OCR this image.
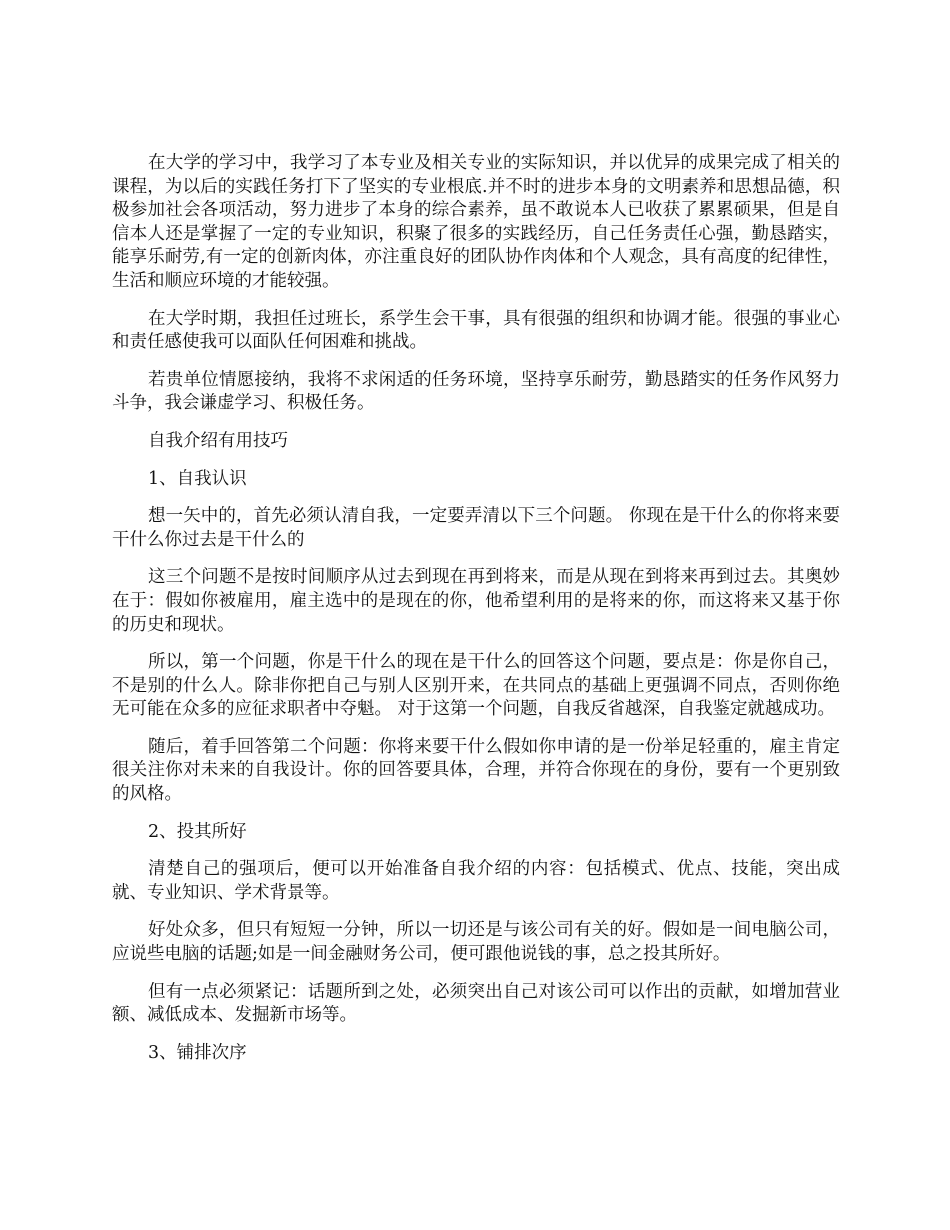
在大学的学习中，我学习了本专业及相关专业的实际知识，并以优异的成果完成了相关的课程，为以后的实践任务打下了坚实的专业根底.并不时的进步本身的文明素养和思想品德，积极参加社会各项活动，努力进步了本身的综合素养，虽不敢说本人已收获了累累硕果，但是自信本人还是掌握了一定的专业知识，积聚了很多的实践经历，自己任务责任心强，勤恳踏实，能享乐耐劳,有一定的创新肉体，亦注重良好的团队协作肉体和个人观念，具有高度的纪律性，生活和顺应环境的才能较强。

在大学时期，我担任过班长，系学生会干事，具有很强的组织和协调才能。很强的事业心和责任感使我可以面队任何困难和挑战。

若贵单位情愿接纳，我将不求闲适的任务环境，坚持享乐耐劳，勤恳踏实的任务作风努力斗争，我会谦虚学习、积极任务。

自我介绍有用技巧

1、自我认识

想一矢中的，首先必须认清自我，一定要弄清以下三个问题。 你现在是干什么的你将来要干什么你过去是干什么的

这三个问题不是按时间顺序从过去到现在再到将来，而是从现在到将来再到过去。其奥妙在于：假如你被雇用，雇主选中的是现在的你，他希望利用的是将来的你，而这将来又基于你的历史和现状。

所以，第一个问题，你是干什么的现在是干什么的回答这个问题，要点是：你是你自己，不是别的什么人。除非你把自己与别人区别开来，在共同点的基础上更强调不同点，否则你绝无可能在众多的应征求职者中夺魁。 对于这第一个问题，自我反省越深，自我鉴定就越成功。

随后，着手回答第二个问题：你将来要干什么假如你申请的是一份举足轻重的，雇主肯定很关注你对未来的自我设计。你的回答要具体，合理，并符合你现在的身份，要有一个更别致的风格。

2、投其所好

清楚自己的强项后，便可以开始准备自我介绍的内容：包括模式、优点、技能，突出成就、专业知识、学术背景等。

好处众多，但只有短短一分钟，所以一切还是与该公司有关的好。假如是一间电脑公司，应说些电脑的话题;如是一间金融财务公司，便可跟他说钱的事，总之投其所好。

但有一点必须紧记：话题所到之处，必须突出自己对该公司可以作出的贡献，如增加营业额、减低成本、发掘新市场等。

3、铺排次序
